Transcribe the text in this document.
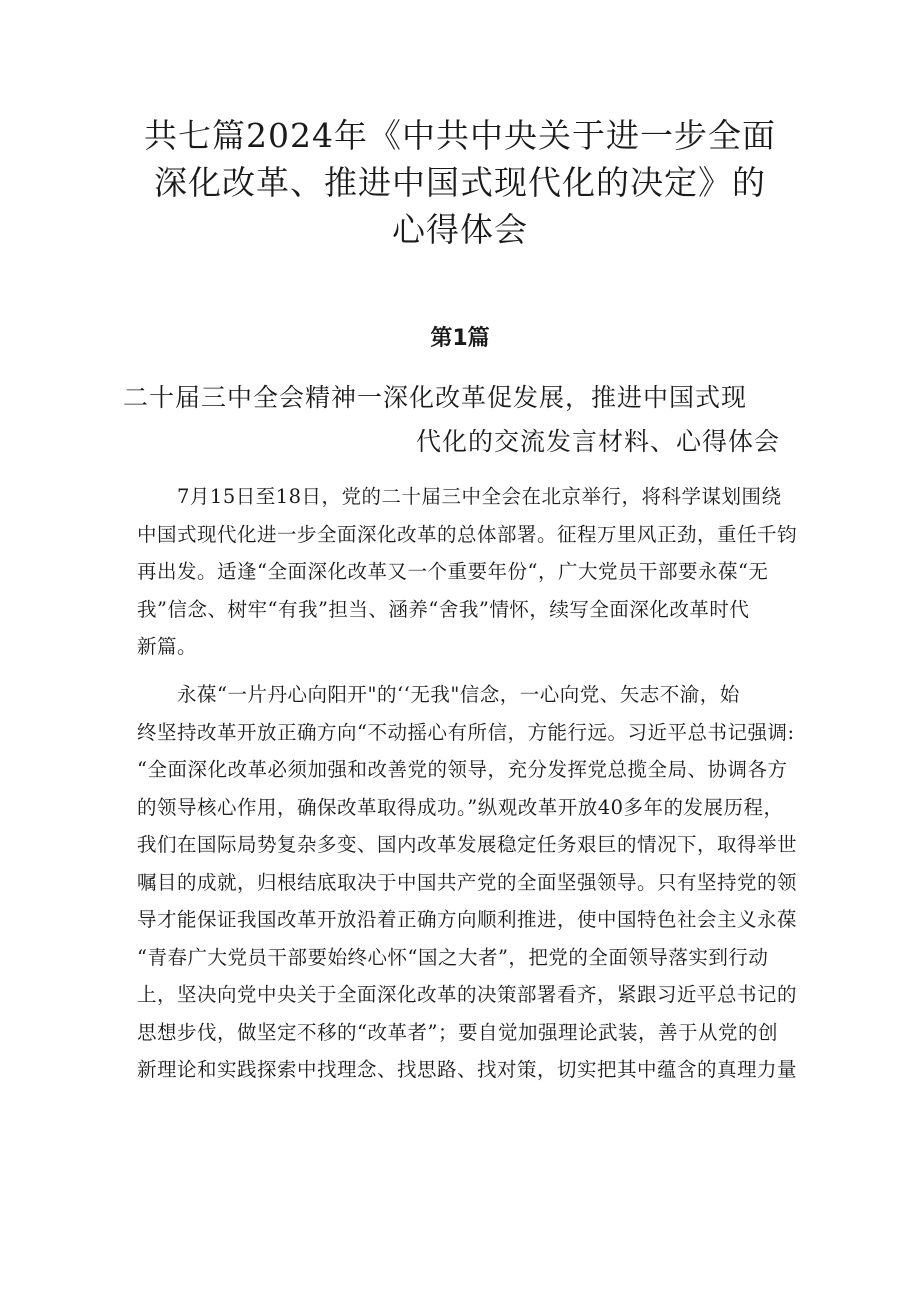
共七篇2024年《中共中央关于进一步全面
深化改革、推进中国式现代化的决定》的
心得体会
第1篇
二十届三中全会精神一深化改革促发展，推进中国式现
代化的交流发言材料、心得体会

7月15日至18日，党的二十届三中全会在北京举行，将科学谋划围绕
中国式现代化进一步全面深化改革的总体部署。征程万里风正劲，重任千钧
再出发。适逢“全面深化改革又一个重要年份“，广大党员干部要永葆“无
我”信念、树牢“有我”担当、涵养“舍我”情怀，续写全面深化改革时代
新篇。

永葆“一片丹心向阳开"的‘‘无我"信念，一心向党、矢志不渝，始
终坚持改革开放正确方向“不动摇心有所信，方能行远。习近平总书记强调:
“全面深化改革必须加强和改善党的领导，充分发挥党总揽全局、协调各方
的领导核心作用，确保改革取得成功。”纵观改革开放40多年的发展历程，
我们在国际局势复杂多变、国内改革发展稳定任务艰巨的情况下，取得举世
嘱目的成就，归根结底取决于中国共产党的全面坚强领导。只有坚持党的领
导才能保证我国改革开放沿着正确方向顺利推进，使中国特色社会主义永葆
“青春广大党员干部要始终心怀“国之大者”，把党的全面领导落实到行动
上，坚决向党中央关于全面深化改革的决策部署看齐，紧跟习近平总书记的
思想步伐，做坚定不移的“改革者”；要自觉加强理论武装，善于从党的创
新理论和实践探索中找理念、找思路、找对策，切实把其中蕴含的真理力量
